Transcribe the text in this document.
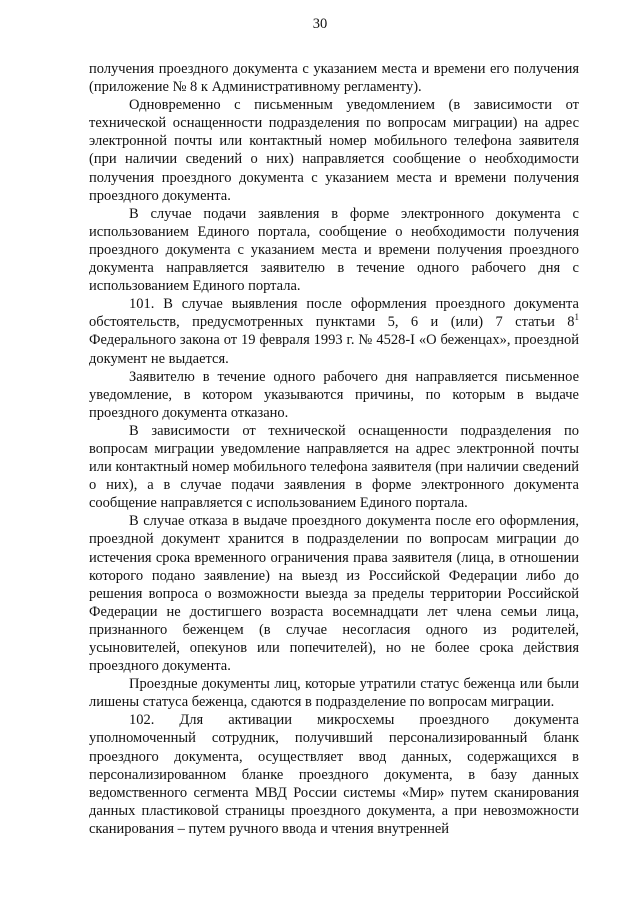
30

получения проездного документа с указанием места и времени его получения (приложение № 8 к Административному регламенту).

Одновременно с письменным уведомлением (в зависимости от технической оснащенности подразделения по вопросам миграции) на адрес электронной почты или контактный номер мобильного телефона заявителя (при наличии сведений о них) направляется сообщение о необходимости получения проездного документа с указанием места и времени получения проездного документа.

В случае подачи заявления в форме электронного документа с использованием Единого портала, сообщение о необходимости получения проездного документа с указанием места и времени получения проездного документа направляется заявителю в течение одного рабочего дня с использованием Единого портала.

101. В случае выявления после оформления проездного документа обстоятельств, предусмотренных пунктами 5, 6 и (или) 7 статьи $8^1$ Федерального закона от 19 февраля 1993 г. № 4528-I «О беженцах», проездной документ не выдается.

Заявителю в течение одного рабочего дня направляется письменное уведомление, в котором указываются причины, по которым в выдаче проездного документа отказано.

В зависимости от технической оснащенности подразделения по вопросам миграции уведомление направляется на адрес электронной почты или контактный номер мобильного телефона заявителя (при наличии сведений о них), а в случае подачи заявления в форме электронного документа сообщение направляется с использованием Единого портала.

В случае отказа в выдаче проездного документа после его оформления, проездной документ хранится в подразделении по вопросам миграции до истечения срока временного ограничения права заявителя (лица, в отношении которого подано заявление) на выезд из Российской Федерации либо до решения вопроса о возможности выезда за пределы территории Российской Федерации не достигшего возраста восемнадцати лет члена семьи лица, признанного беженцем (в случае несогласия одного из родителей, усыновителей, опекунов или попечителей), но не более срока действия проездного документа.

Проездные документы лиц, которые утратили статус беженца или были лишены статуса беженца, сдаются в подразделение по вопросам миграции.

102. Для активации микросхемы проездного документа уполномоченный сотрудник, получивший персонализированный бланк проездного документа, осуществляет ввод данных, содержащихся в персонализированном бланке проездного документа, в базу данных ведомственного сегмента МВД России системы «Мир» путем сканирования данных пластиковой страницы проездного документа, а при невозможности сканирования – путем ручного ввода и чтения внутренней
